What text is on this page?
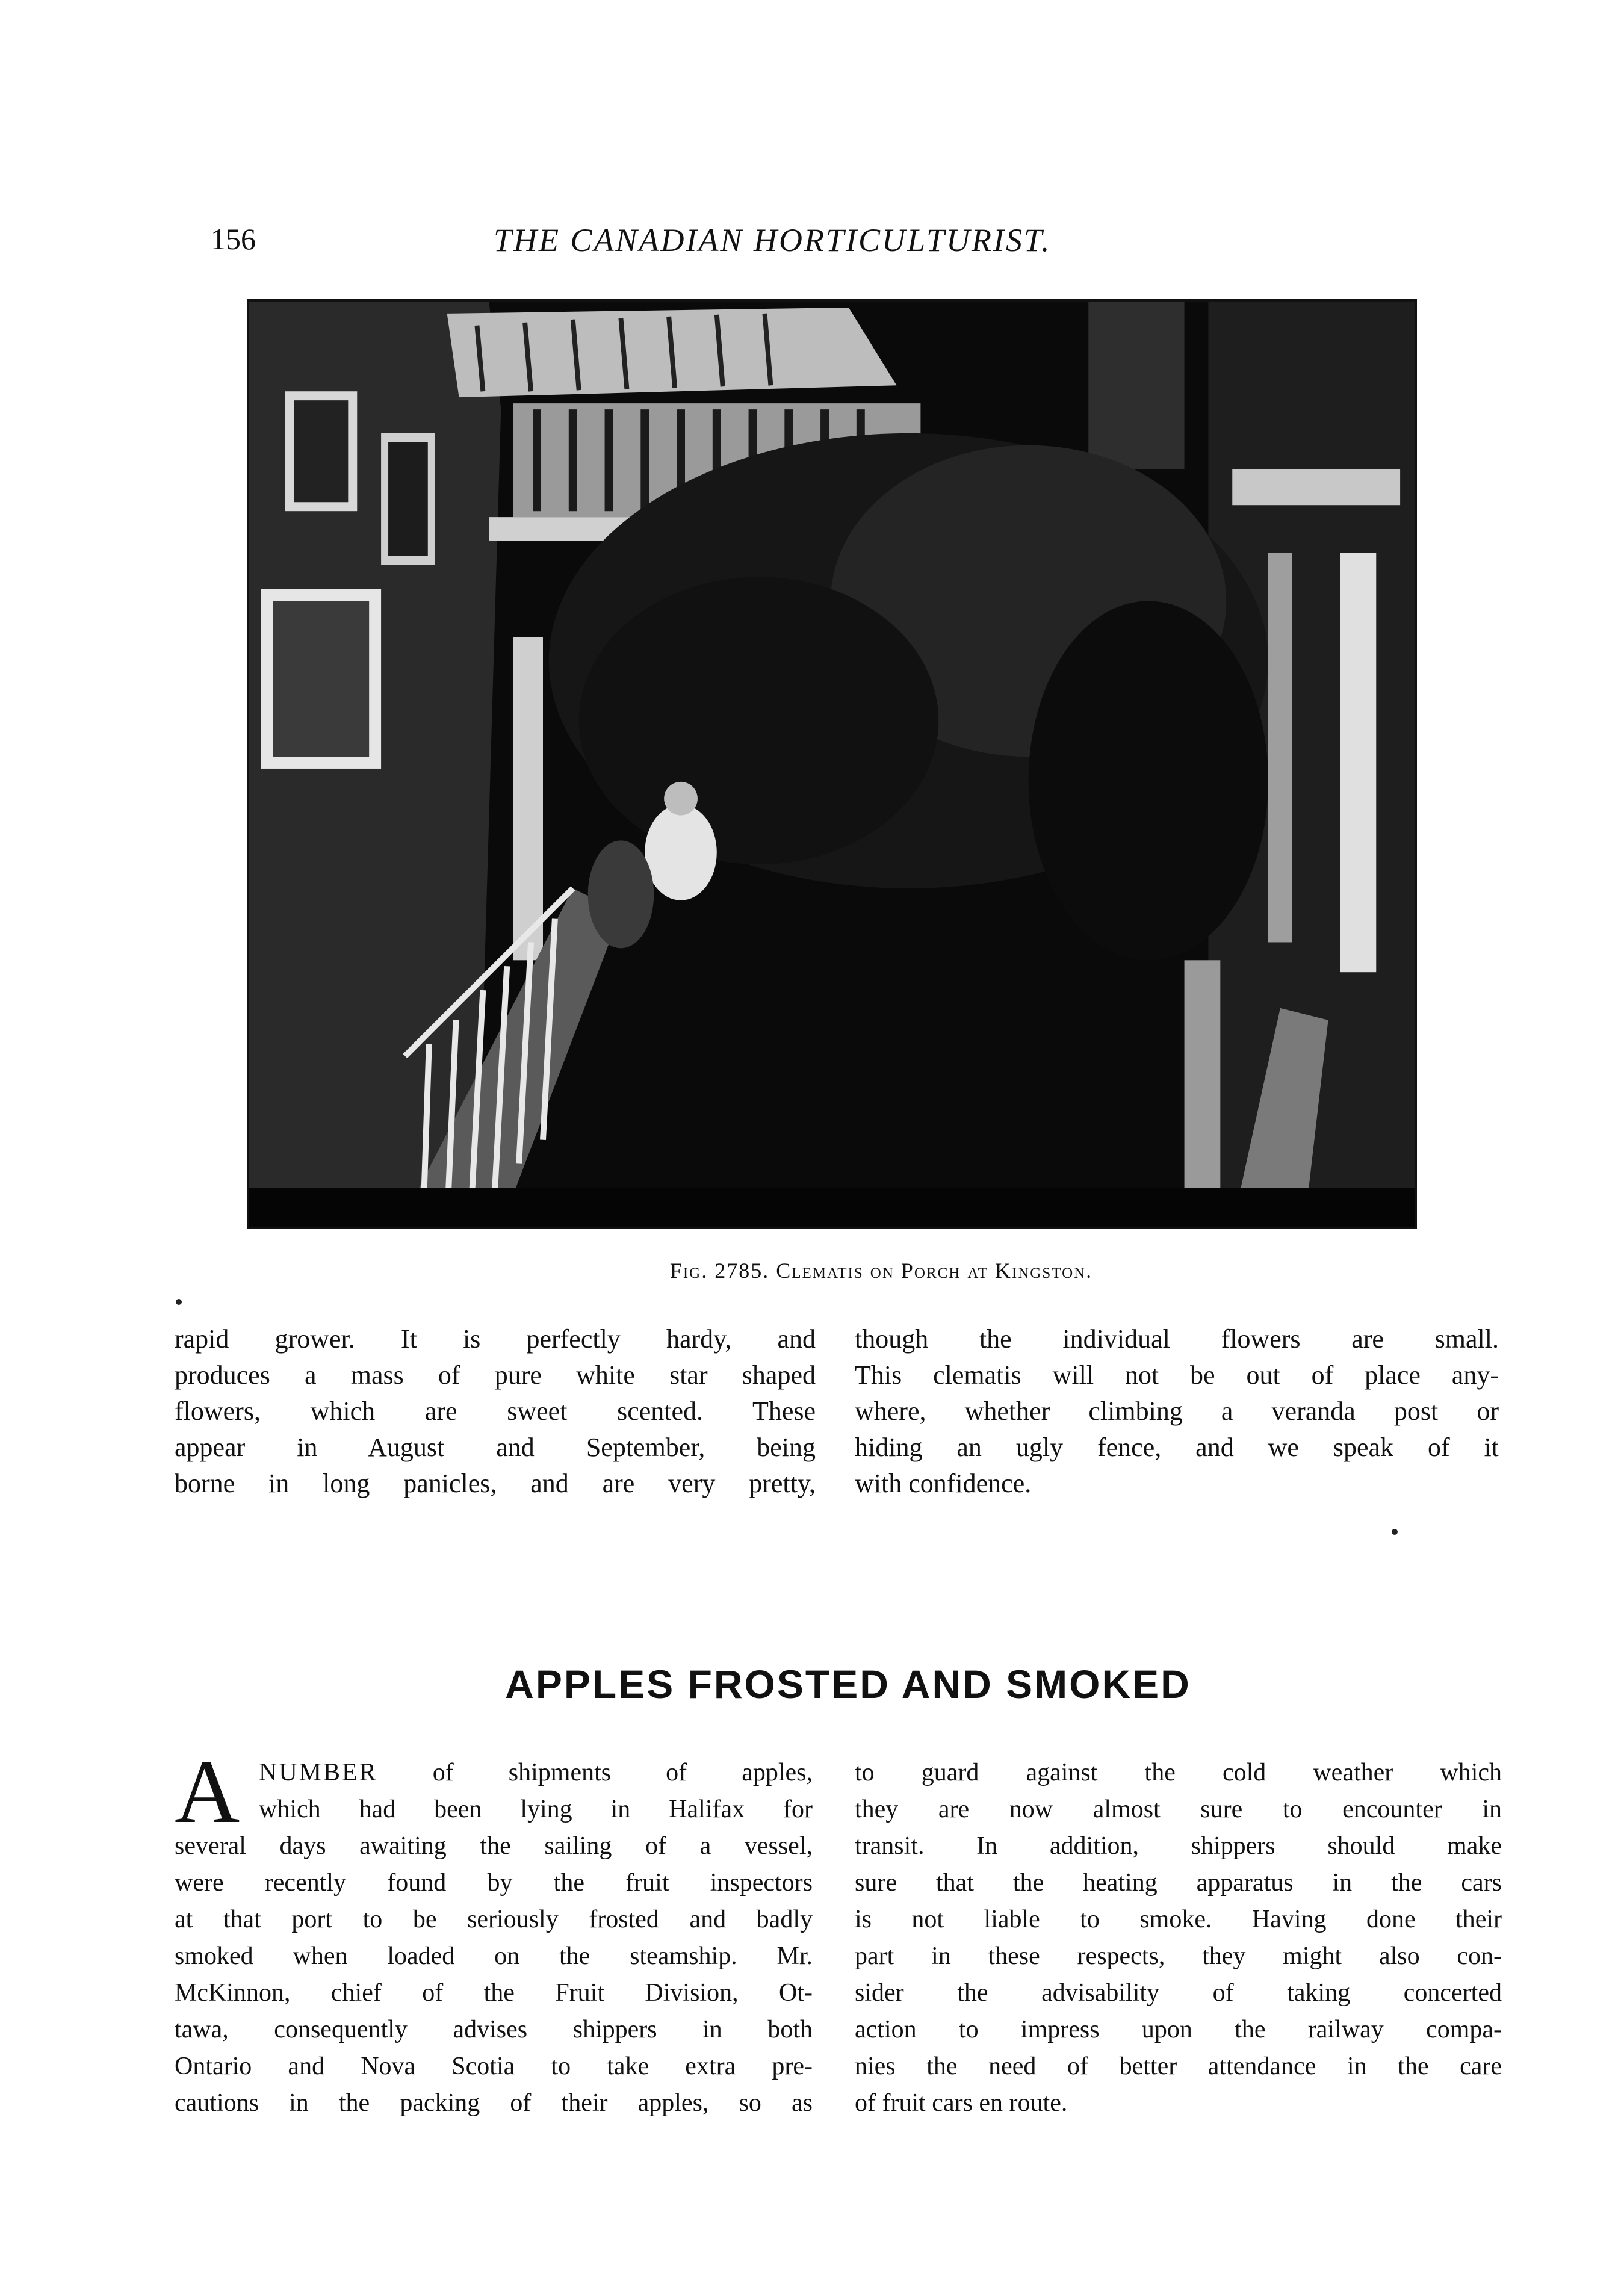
156	THE CANADIAN HORTICULTURIST.
Fig. 2785. Clematis on Porch at Kingston.
rapid grower. It is perfectly hardy, and
produces a mass of pure white star shaped
flowers, which are sweet scented. These
appear in August and September, being
borne in long panicles, and are very pretty,
though the individual flowers are small.
This clematis will not be out of place any-
where, whether climbing a veranda post or
hiding an ugly fence, and we speak of it
with confidence.
APPLES FROSTED AND SMOKED
A NUMBER of shipments of apples,
which had been lying in Halifax for
several days awaiting the sailing of a vessel,
were recently found by the fruit inspectors
at that port to be seriously frosted and badly
smoked when loaded on the steamship. Mr.
McKinnon, chief of the Fruit Division, Ot-
tawa, consequently advises shippers in both
Ontario and Nova Scotia to take extra pre-
cautions in the packing of their apples, so as
to guard against the cold weather which
they are now almost sure to encounter in
transit. In addition, shippers should make
sure that the heating apparatus in the cars
is not liable to smoke. Having done their
part in these respects, they might also con-
sider the advisability of taking concerted
action to impress upon the railway compa-
nies the need of better attendance in the care
of fruit cars en route.
